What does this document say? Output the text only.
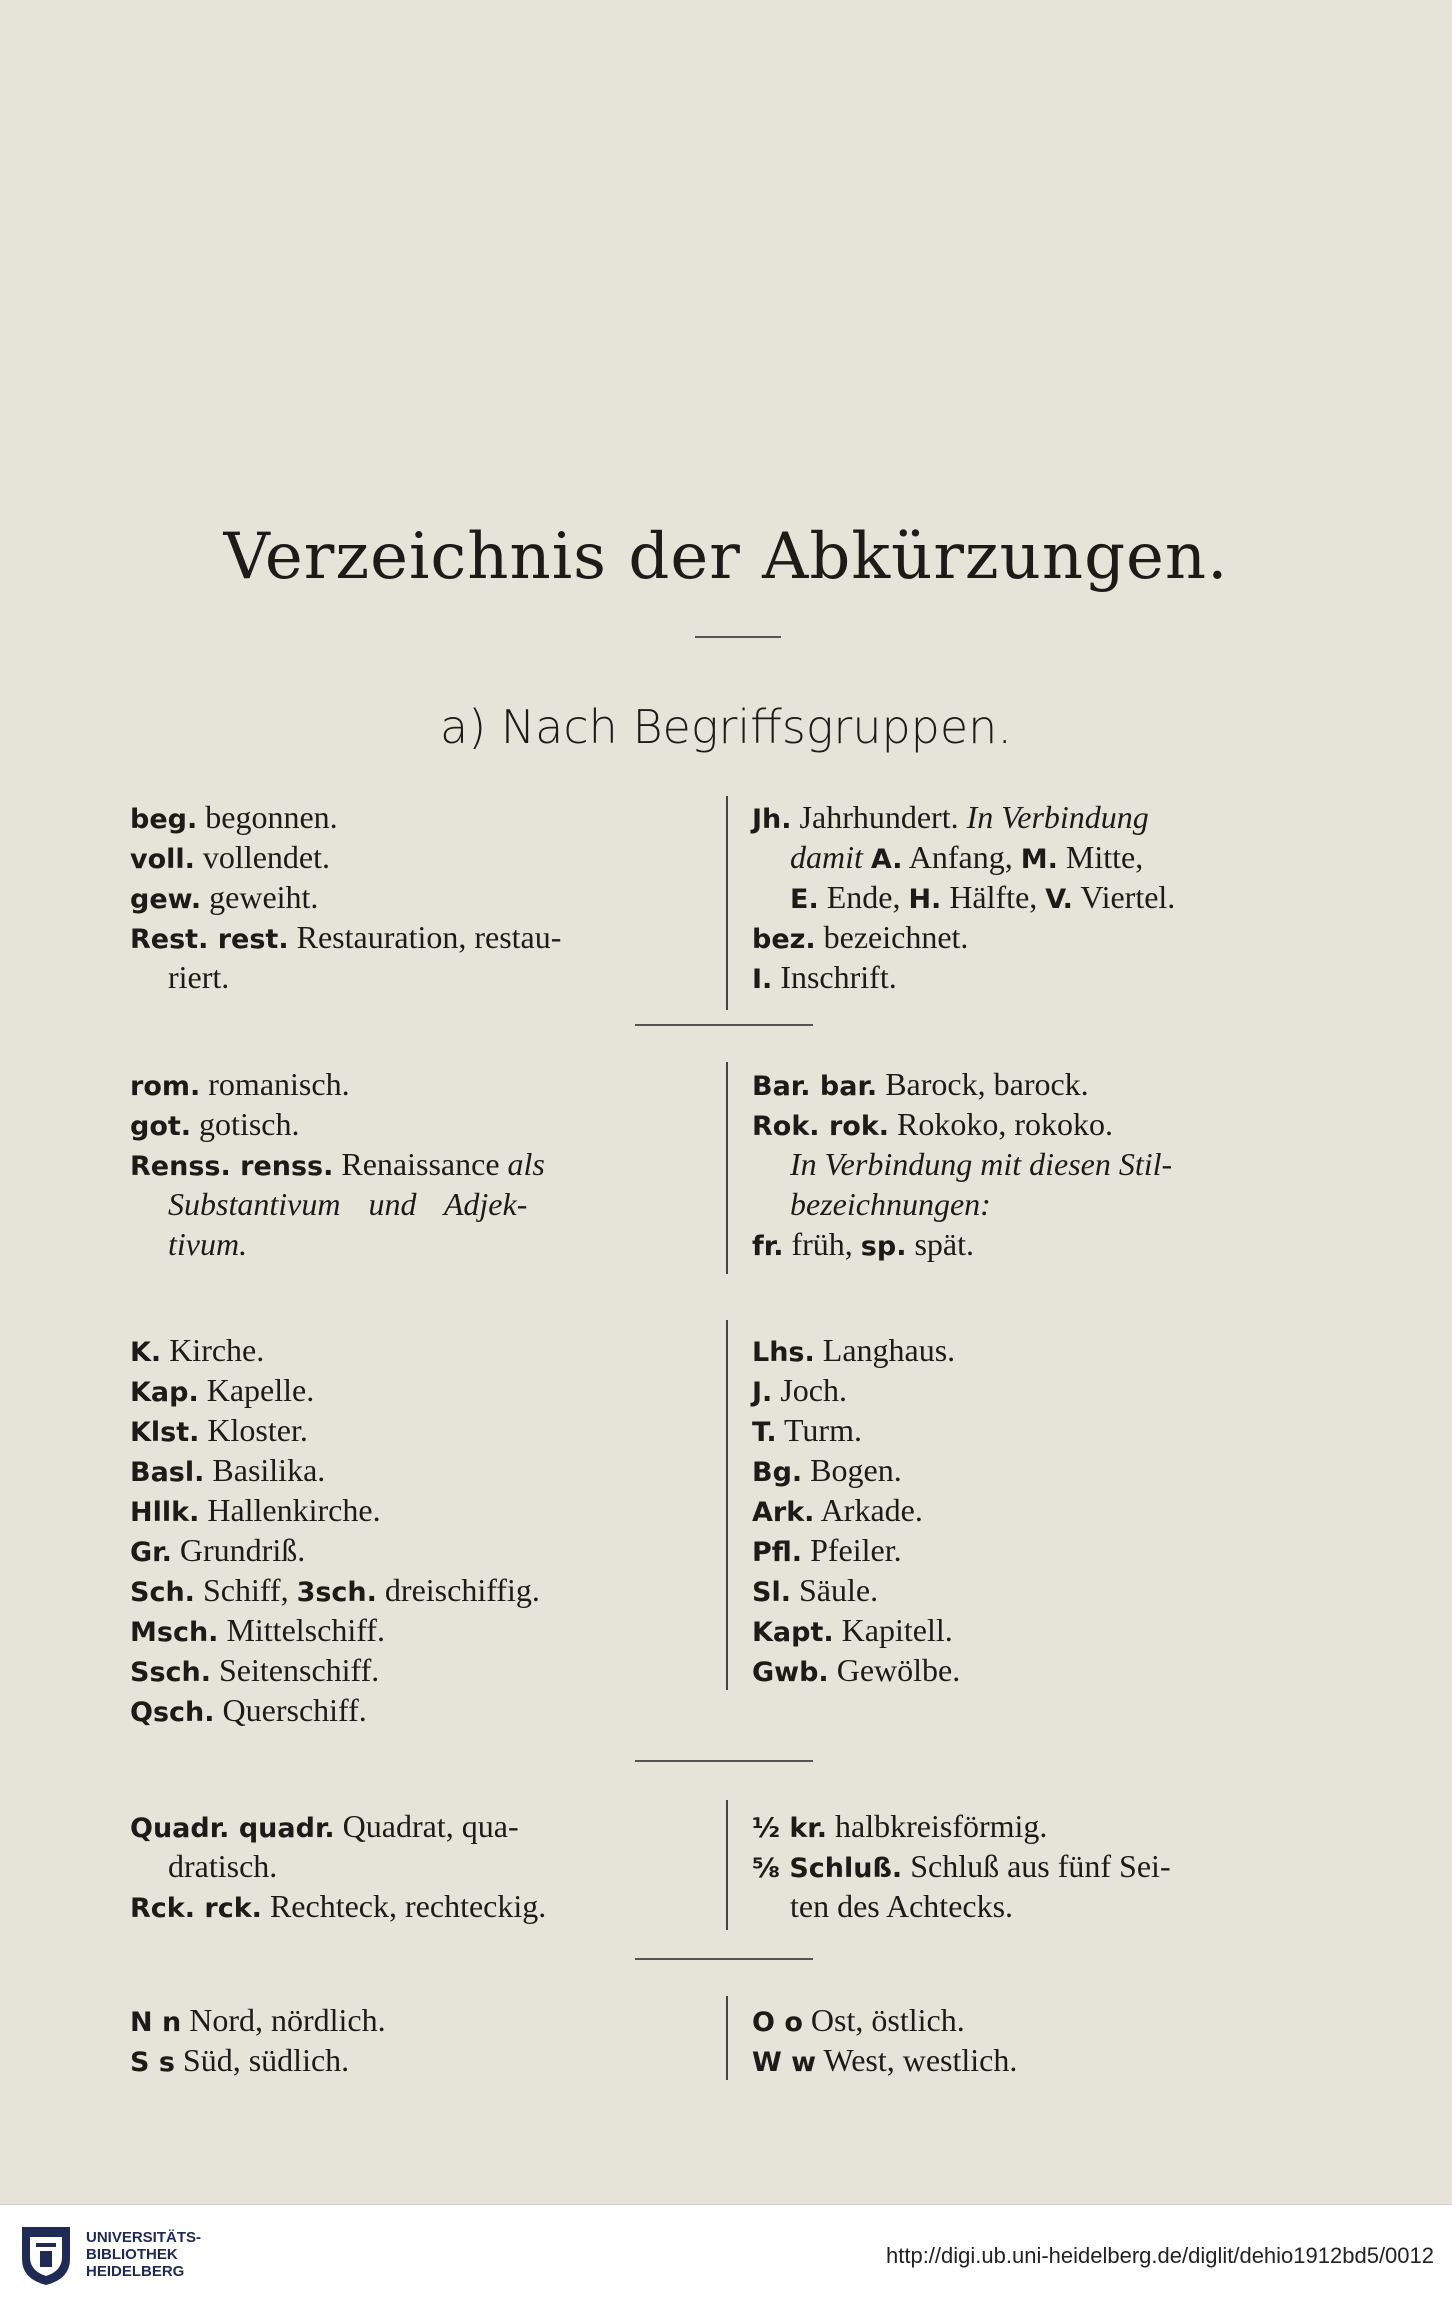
Verzeichnis der Abkürzungen.
a) Nach Begriffsgruppen.
beg. begonnen.
voll. vollendet.
gew. geweiht.
Rest. rest. Restauration, restau-
riert.
Jh. Jahrhundert. In Verbindung
damit A. Anfang, M. Mitte,
E. Ende, H. Hälfte, V. Viertel.
bez. bezeichnet.
I. Inschrift.
rom. romanisch.
got. gotisch.
Renss. renss. Renaissance als
Substantivum und Adjek-
tivum.
Bar. bar. Barock, barock.
Rok. rok. Rokoko, rokoko.
In Verbindung mit diesen Stil-
bezeichnungen:
fr. früh, sp. spät.
K. Kirche.
Kap. Kapelle.
Klst. Kloster.
Basl. Basilika.
Hllk. Hallenkirche.
Gr. Grundriß.
Sch. Schiff, 3sch. dreischiffig.
Msch. Mittelschiff.
Ssch. Seitenschiff.
Qsch. Querschiff.
Lhs. Langhaus.
J. Joch.
T. Turm.
Bg. Bogen.
Ark. Arkade.
Pfl. Pfeiler.
Sl. Säule.
Kapt. Kapitell.
Gwb. Gewölbe.
Quadr. quadr. Quadrat, qua-
dratisch.
Rck. rck. Rechteck, rechteckig.
½ kr. halbkreisförmig.
⅝ Schluß. Schluß aus fünf Sei-
ten des Achtecks.
N n Nord, nördlich.
S s Süd, südlich.
O o Ost, östlich.
W w West, westlich.
UNIVERSITÄTS-
BIBLIOTHEK
HEIDELBERG
http://digi.ub.uni-heidelberg.de/diglit/dehio1912bd5/0012
